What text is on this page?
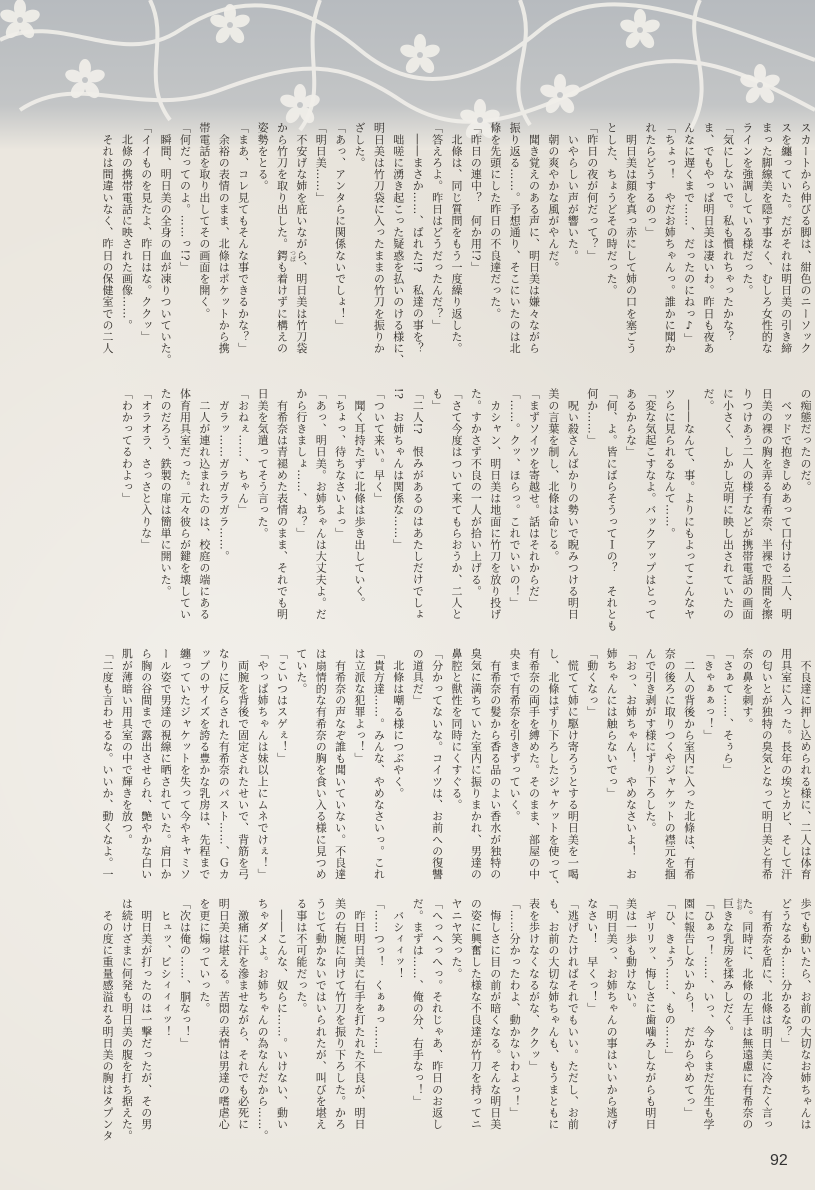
スカートから伸びる脚は、紺色のニーソック
スを纏っていた。だがそれは明日美の引き締
まった脚線美を隠す事なく、むしろ女性的な
ラインを強調している様だった。
「気にしないで。私も慣れちゃったかな？
ま、でもやっぱ明日美は凄いわ。昨日も夜あ
んなに遅くまで……、だったのにねっ♪」
「ちょっ！　やだお姉ちゃんっ。誰かに聞か
れたらどうするのっ」
　明日美は顔を真っ赤にして姉の口を塞ごう
とした、ちょうどその時だった。
「昨日の夜が何だって？」
　いやらしい声が響いた。
　朝の爽やかな風がやんだ。
　聞き覚えのある声に、明日美は嫌々ながら
振り返る……。予想通り、そこにいたのは北
條を先頭にした昨日の不良達だった。
「昨日の連中？　何か用!?」
　北條は、同じ質問をもう一度繰り返した。
「答えろよ。昨日はどうだったんだ？」
　――まさか……、ばれた!?　私達の事を？
　咄嗟に湧き起こった疑惑を払いのける様に、
明日美は竹刀袋に入ったままの竹刀を振りか
ざした。
「あっ、アンタらに関係ないでしょ！」
「明日美……」
　不安げな姉を庇いながら、明日美は竹刀袋
から竹刀を取り出した。鍔も着けずに構えの
姿勢をとる。
「まあ、コレ見てもそんな事できるかな？」
　余裕の表情のまま、北條はポケットから携
帯電話を取り出してその画面を開く。
「何だってのよ。……っ!?」
　瞬間、明日美の全身の血が凍りついていた。
「イイものを見たよ、昨日はな。ククッ」
　北條の携帯電話に映された画像……。
　それは間違いなく、昨日の保健室での二人
の痴態だったのだ。
　ベッドで抱きしめあって口付ける二人、明
日美の裸の胸を弄る有希奈、半裸で股間を擦
りつけあう二人の様子などが携帯電話の画面
に小さく、しかし克明に映し出されていたの
だ。
　――なんて、事。よりにもよってこんなヤ
ツらに見られるなんて……。
「変な気起こすなよ。バックアップはとって
あるからな」
「何、よ。皆にばらそうってＩの？　それとも
何か……」
　呪い殺さんばかりの勢いで睨みつける明日
美の言葉を制し、北條は命じる。
「まずソイツを寄越せ。話はそれからだ」
「……。クッ、ほらっ。これでいいの！」
　カシャン、明日美は地面に竹刀を放り投げ
た。すかさず不良の一人が拾い上げる。
「さて今度はついて来てもらおうか、二人と
も」
「二人!?　恨みがあるのはあたしだけでしょ
!?　お姉ちゃんは関係な……」
「ついて来い。早く」
　聞く耳持たずに北條は歩き出していく。
「ちょっ、待ちなさいよっ」
「あっ、明日美。お姉ちゃんは大丈夫よ。だ
から行きましょ……、ね？」
　有希奈は青褪めた表情のまま、それでも明
日美を気遣ってそう言った。
「おねぇ……、ちゃん」
　ガラッ……ガラガラガラ……。
　二人が連れ込まれたのは、校庭の端にある
体育用具室だった。元々彼らが鍵を壊してい
たのだろう、鉄製の扉は簡単に開いた。
「オラオラ、さっさと入りな」
「わかってるわよっ」
　不良達に押し込められる様に、二人は体育
用具室に入った。長年の埃とカビ、そして汗
の匂いとが独特の臭気となって明日美と有希
奈の鼻を刺す。
「さぁて……、そぅら」
「きゃぁぁっ！」
　二人の背後から室内に入った北條は、有希
奈の後ろに取りつくやジャケットの襟元を掴
んで引き剥がす様にずり下ろした。
「おっ、お姉ちゃん！　やめなさいよ！　お
姉ちゃんには触らないでっ」
「動くなっ」
　慌てて姉に駆け寄ろうとする明日美を一喝
し、北條はずり下ろしたジャケットを使って、
有希奈の両手を縛めた。そのまま、部屋の中
央まで有希奈を引きずっていく。
　有希奈の髪から香る品のよい香水が独特の
臭気に満ちていた室内に振りまかれ、男達の
鼻腔と獣性を同時にくすぐる。
「分かってないな。コイツは、お前への復讐
の道具だ」
　北條は嘲る様につぶやく。
「貴方達……。みんな、やめなさいっ。これ
は立派な犯罪よっ！」
　有希奈の声なぞ誰も聞いていない。不良達
は扇情的な有希奈の胸を食い入る様に見つめ
ていた。
「こいつはスゲぇ！」
「やっぱ姉ちゃんは妹以上にムネでけぇ！」
　両腕を背後で固定されたせいで、背筋を弓
なりに反らされた有希奈のバスト……、Ｇカ
ップのサイズを誇る豊かな乳房は、先程まで
纏っていたジャケットを失って今やキャミソ
ール姿で男達の視線に晒されていた。肩口か
ら胸の谷間まで露出させられ、艶やかな白い
肌が薄暗い用具室の中で輝きを放つ。
「二度も言わせるな。いいか、動くなよ。一
歩でも動いたら、お前の大切なお姉ちゃんは
どうなるか……分かるな？」
　有希奈を盾に、北條は明日美に冷たく言っ
た。同時に、北條の左手は無遠慮に有希奈の
巨きな乳房を揉みしだく。
「ひぁっ！……、いっ、今ならまだ先生も学
園に報告しないから！　だからやめてっ」
「ひ、きょう……、もの……」
　ギリリッ、悔しさに歯噛みしながらも明日
美は一歩も動けない。
「明日美っ、お姉ちゃんの事はいいから逃げ
なさい！　早くっ！」
「逃げたければそれでもいい。ただし、お前
も、お前の大切な姉ちゃんも、もうまともに
表を歩けなくなるがな、ククッ」
「……分かったわよ、動かないわよっ！」
　悔しさに目の前が暗くなる。そんな明日美
の姿に興奮した様な不良達が竹刀を持ってニ
ヤニヤ笑った。
「へっへっへっ。それじゃあ、昨日のお返し
だ。まずは……、俺の分、右手なっ！」
　バシィィッ！
「……つっ！　くぁぁっ……」
　昨日明日美に右手を打たれた不良が、明日
美の右腕に向けて竹刀を振り下ろした。かろ
うじて動かないではいられたが、叫びを堪え
る事は不可能だった。
　――こんな、奴らに……。いけない、動い
ちゃダメよ。お姉ちゃんの為なんだから……。
　激痛に汗を滲ませながら、それでも必死に
明日美は堪える。苦悶の表情は男達の嗜虐心
を更に煽っていった。
「次は俺の……、胴なっ！」
　ヒュッ、ビシィィィッ！
　明日美が打ったのは一撃だったが、その男
は続けざまに何発も明日美の腹を打ち据えた。
　その度に重量感溢れる明日美の胸はタプンタ
つば
おお
92
